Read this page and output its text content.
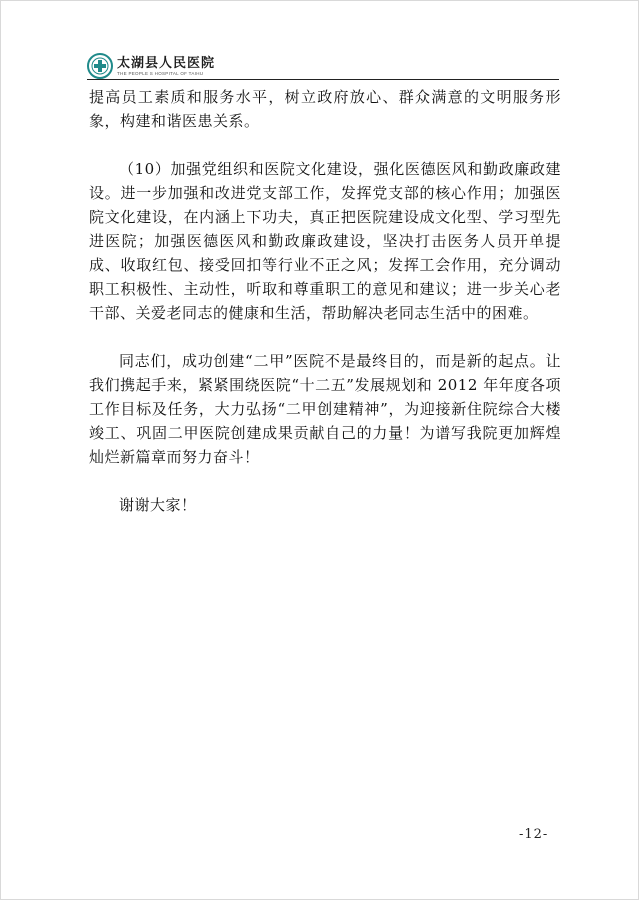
太湖县人民医院
THE PEOPLE S HOSPITAL OF TAIHU

提高员工素质和服务水平，树立政府放心、群众满意的文明服务形象，构建和谐医患关系。

（10）加强党组织和医院文化建设，强化医德医风和勤政廉政建设。进一步加强和改进党支部工作，发挥党支部的核心作用；加强医院文化建设，在内涵上下功夫，真正把医院建设成文化型、学习型先进医院；加强医德医风和勤政廉政建设，坚决打击医务人员开单提成、收取红包、接受回扣等行业不正之风；发挥工会作用，充分调动职工积极性、主动性，听取和尊重职工的意见和建议；进一步关心老干部、关爱老同志的健康和生活，帮助解决老同志生活中的困难。

同志们，成功创建“二甲”医院不是最终目的，而是新的起点。让我们携起手来，紧紧围绕医院“十二五”发展规划和 2012 年年度各项工作目标及任务，大力弘扬“二甲创建精神”，为迎接新住院综合大楼竣工、巩固二甲医院创建成果贡献自己的力量！为谱写我院更加辉煌灿烂新篇章而努力奋斗！

谢谢大家！

-12-
